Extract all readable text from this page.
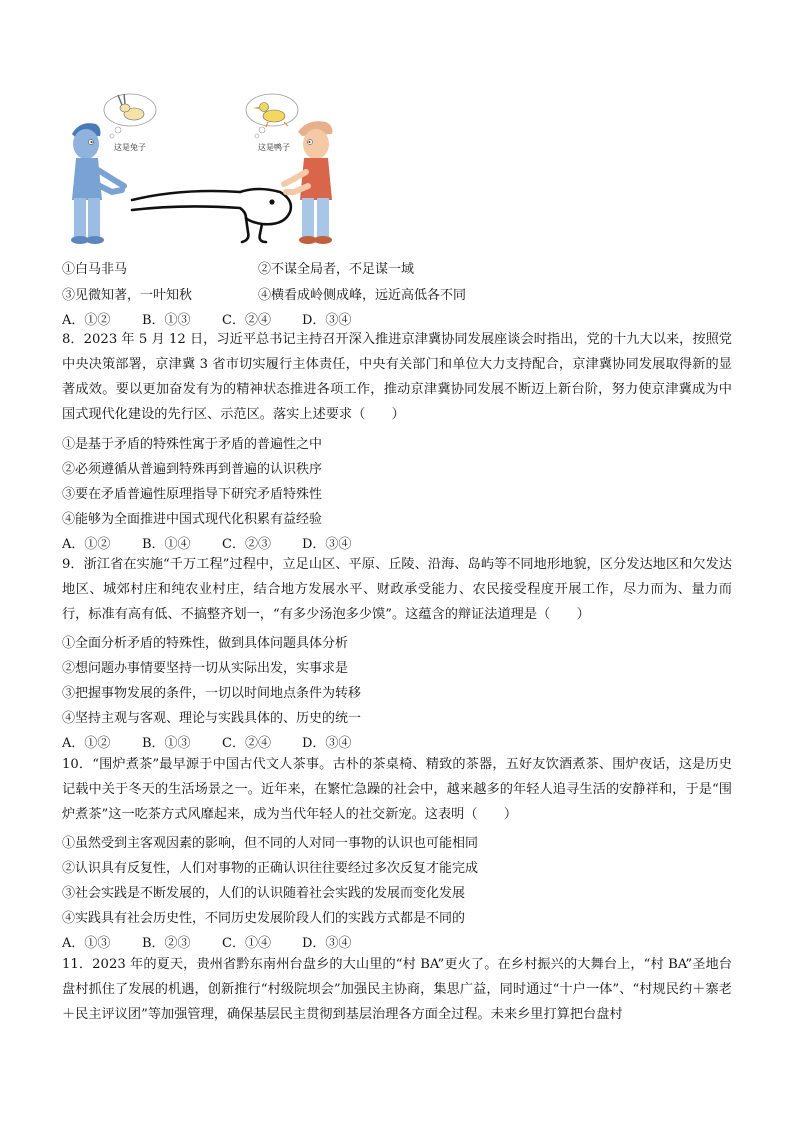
这是兔子	这是鸭子
①白马非马	②不谋全局者，不足谋一域
③见微知著，一叶知秋	④横看成岭侧成峰，远近高低各不同
A．①② B．①③ C．②④ D．③④
8．2023 年 5 月 12 日，习近平总书记主持召开深入推进京津冀协同发展座谈会时指出，党的十九大以来，按照党中央决策部署，京津冀 3 省市切实履行主体责任，中央有关部门和单位大力支持配合，京津冀协同发展取得新的显著成效。要以更加奋发有为的精神状态推进各项工作，推动京津冀协同发展不断迈上新台阶，努力使京津冀成为中国式现代化建设的先行区、示范区。落实上述要求（　　）
①是基于矛盾的特殊性寓于矛盾的普遍性之中
②必须遵循从普遍到特殊再到普遍的认识秩序
③要在矛盾普遍性原理指导下研究矛盾特殊性
④能够为全面推进中国式现代化积累有益经验
A．①② B．①④ C．②③ D．③④
9．浙江省在实施“千万工程”过程中，立足山区、平原、丘陵、沿海、岛屿等不同地形地貌，区分发达地区和欠发达地区、城郊村庄和纯农业村庄，结合地方发展水平、财政承受能力、农民接受程度开展工作，尽力而为、量力而行，标准有高有低、不搞整齐划一，“有多少汤泡多少馍”。这蕴含的辩证法道理是（　　）
①全面分析矛盾的特殊性，做到具体问题具体分析
②想问题办事情要坚持一切从实际出发，实事求是
③把握事物发展的条件，一切以时间地点条件为转移
④坚持主观与客观、理论与实践具体的、历史的统一
A．①② B．①③ C．②④ D．③④
10．“围炉煮茶”最早源于中国古代文人茶事。古朴的茶桌椅、精致的茶器，五好友饮酒煮茶、围炉夜话，这是历史记载中关于冬天的生活场景之一。近年来，在繁忙急躁的社会中，越来越多的年轻人追寻生活的安静祥和，于是“围炉煮茶”这一吃茶方式风靡起来，成为当代年轻人的社交新宠。这表明（　　）
①虽然受到主客观因素的影响，但不同的人对同一事物的认识也可能相同
②认识具有反复性，人们对事物的正确认识往往要经过多次反复才能完成
③社会实践是不断发展的，人们的认识随着社会实践的发展而变化发展
④实践具有社会历史性，不同历史发展阶段人们的实践方式都是不同的
A．①③ B．②③ C．①④ D．③④
11．2023 年的夏天，贵州省黔东南州台盘乡的大山里的“村 BA”更火了。在乡村振兴的大舞台上，“村 BA”圣地台盘村抓住了发展的机遇，创新推行“村级院坝会”加强民主协商，集思广益，同时通过“十户一体”、“村规民约＋寨老＋民主评议团”等加强管理，确保基层民主贯彻到基层治理各方面全过程。未来乡里打算把台盘村
